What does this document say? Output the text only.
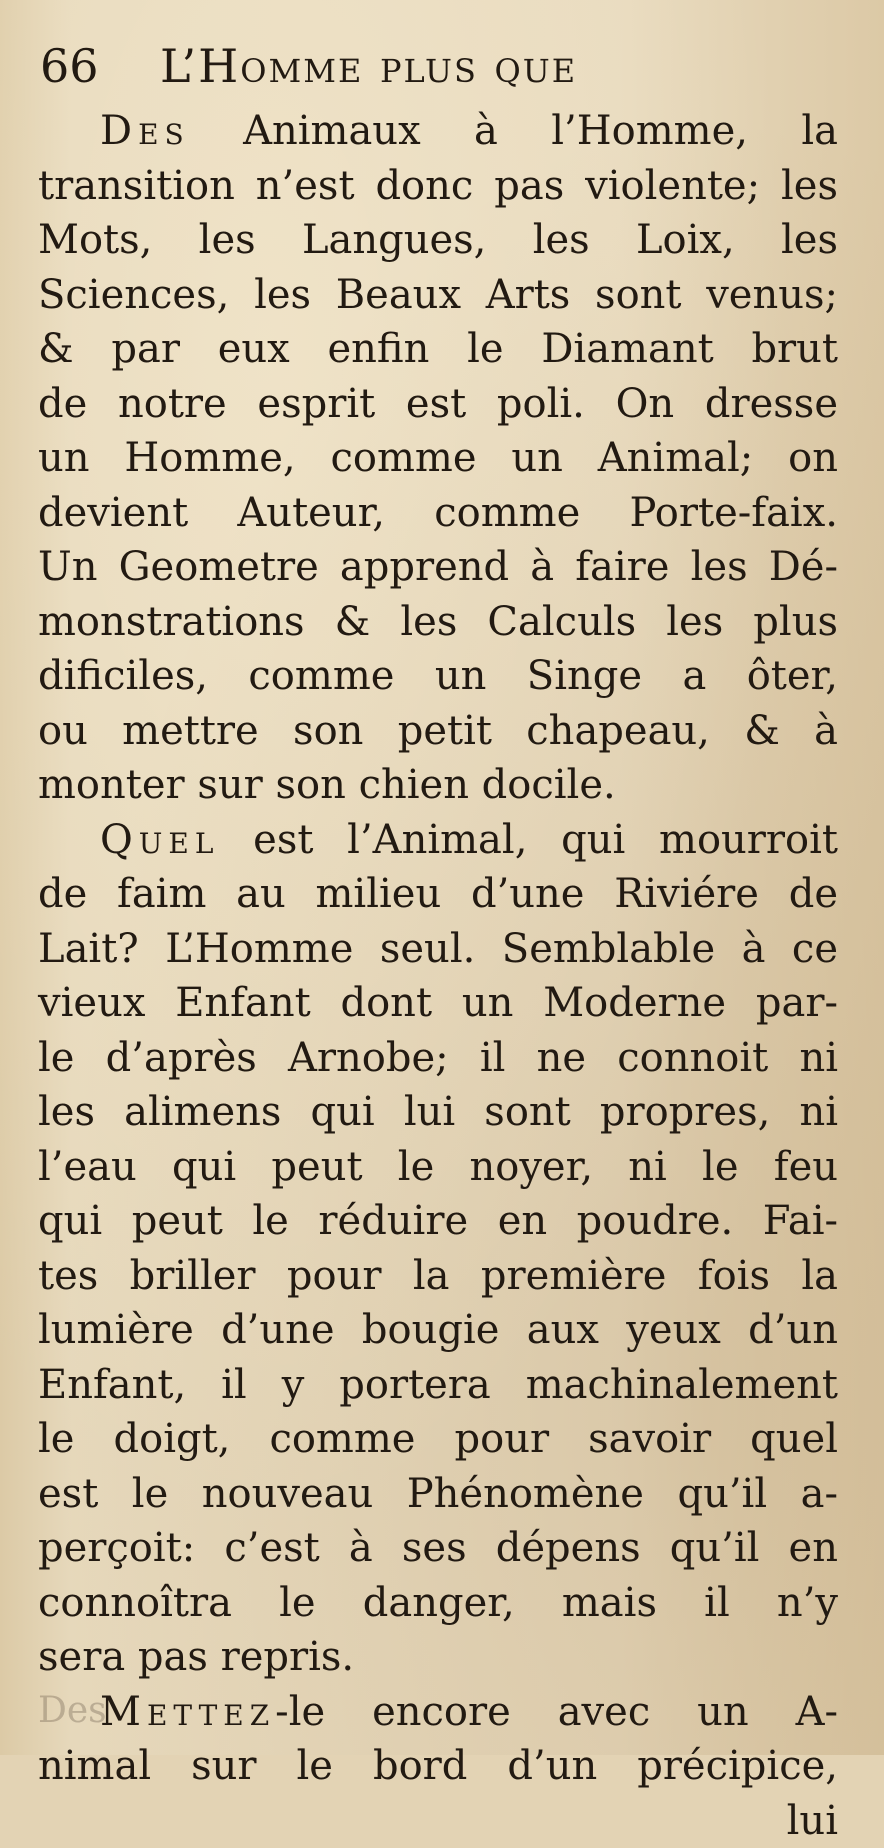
66 L’Homme plus que
Des Animaux à l’Homme, la
transition n’est donc pas violente; les
Mots, les Langues, les Loix, les
Sciences, les Beaux Arts sont venus;
& par eux enfin le Diamant brut
de notre esprit est poli. On dresse
un Homme, comme un Animal; on
devient Auteur, comme Porte-faix.
Un Geometre apprend à faire les Dé-
monstrations & les Calculs les plus
dificiles, comme un Singe a ôter,
ou mettre son petit chapeau, & à
monter sur son chien docile.
Quel est l’Animal, qui mourroit
de faim au milieu d’une Riviére de
Lait? L’Homme seul. Semblable à ce
vieux Enfant dont un Moderne par-
le d’après Arnobe; il ne connoit ni
les alimens qui lui sont propres, ni
l’eau qui peut le noyer, ni le feu
qui peut le réduire en poudre. Fai-
tes briller pour la première fois la
lumière d’une bougie aux yeux d’un
Enfant, il y portera machinalement
le doigt, comme pour savoir quel
est le nouveau Phénomène qu’il a-
perçoit: c’est à ses dépens qu’il en
connoîtra le danger, mais il n’y
sera pas repris.
Mettez-le encore avec un A-
nimal sur le bord d’un précipice,
lui
Des
